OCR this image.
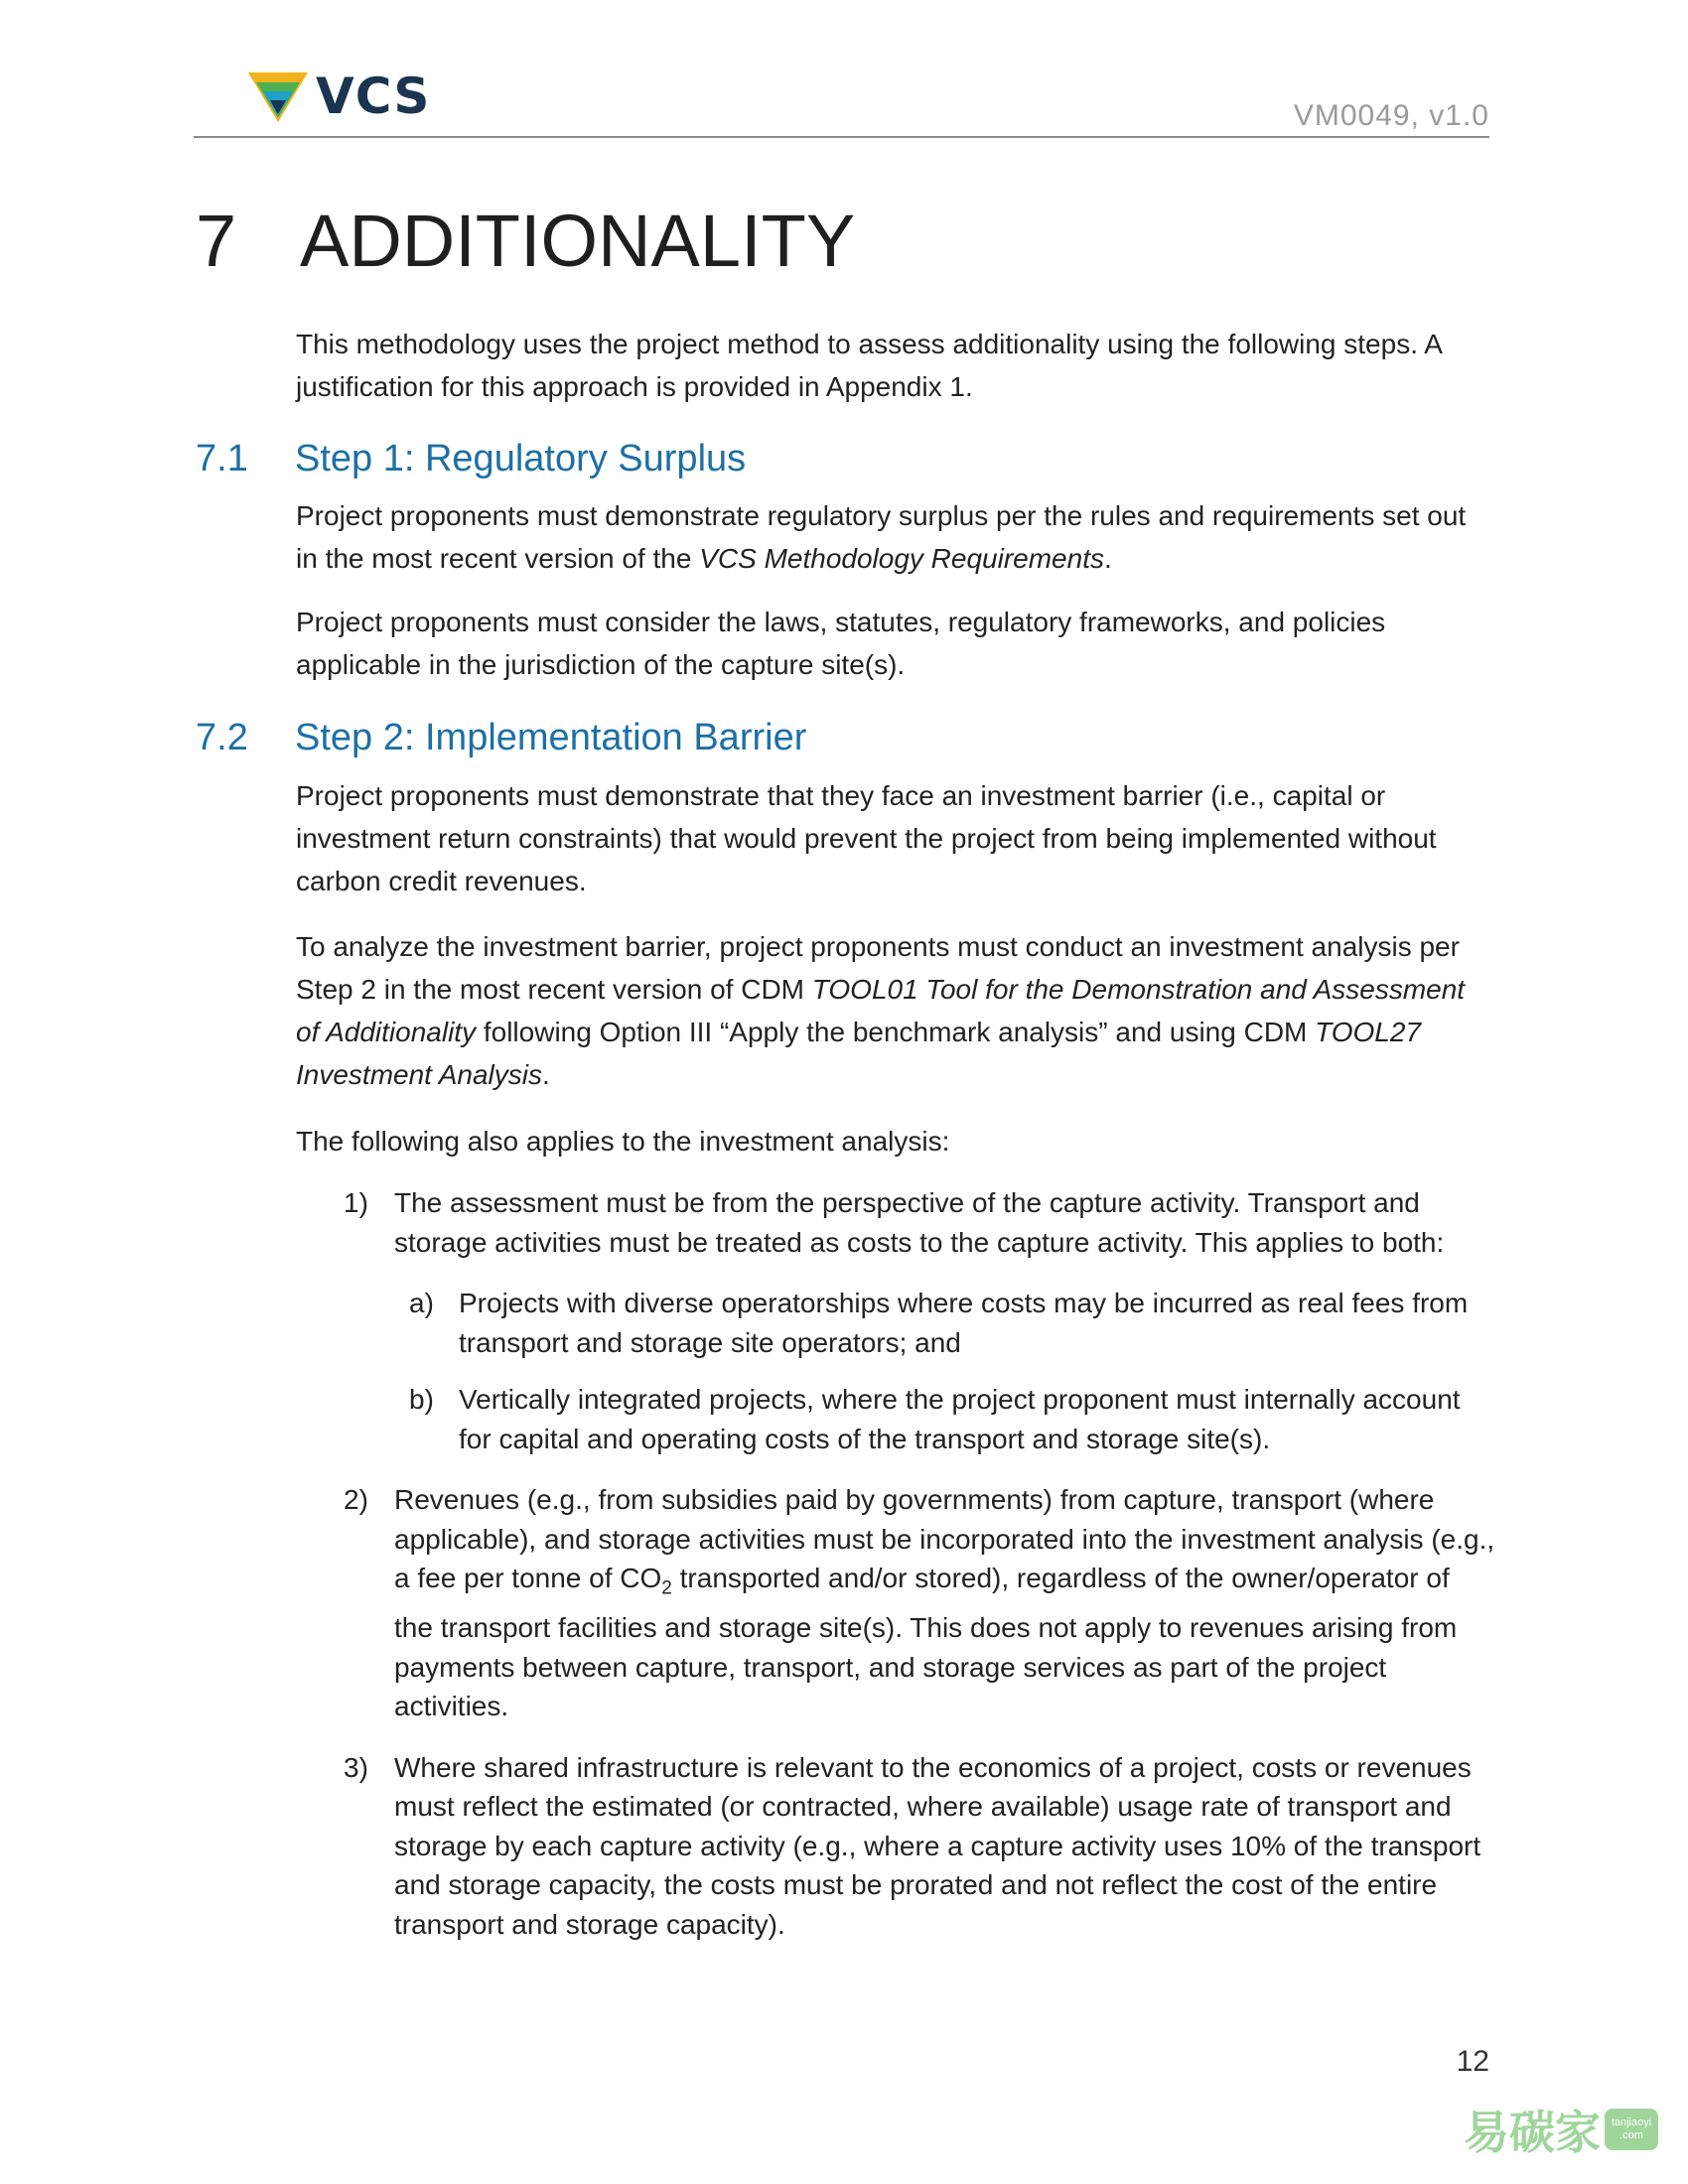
VCS	VM0049, v1.0
7 ADDITIONALITY

This methodology uses the project method to assess additionality using the following steps. A justification for this approach is provided in Appendix 1.

7.1 Step 1: Regulatory Surplus

Project proponents must demonstrate regulatory surplus per the rules and requirements set out in the most recent version of the VCS Methodology Requirements.

Project proponents must consider the laws, statutes, regulatory frameworks, and policies applicable in the jurisdiction of the capture site(s).

7.2 Step 2: Implementation Barrier

Project proponents must demonstrate that they face an investment barrier (i.e., capital or investment return constraints) that would prevent the project from being implemented without carbon credit revenues.

To analyze the investment barrier, project proponents must conduct an investment analysis per Step 2 in the most recent version of CDM TOOL01 Tool for the Demonstration and Assessment of Additionality following Option III “Apply the benchmark analysis” and using CDM TOOL27 Investment Analysis.

The following also applies to the investment analysis:

1) The assessment must be from the perspective of the capture activity. Transport and storage activities must be treated as costs to the capture activity. This applies to both:
a) Projects with diverse operatorships where costs may be incurred as real fees from transport and storage site operators; and
b) Vertically integrated projects, where the project proponent must internally account for capital and operating costs of the transport and storage site(s).
2) Revenues (e.g., from subsidies paid by governments) from capture, transport (where applicable), and storage activities must be incorporated into the investment analysis (e.g., a fee per tonne of $CO_2$ transported and/or stored), regardless of the owner/operator of the transport facilities and storage site(s). This does not apply to revenues arising from payments between capture, transport, and storage services as part of the project activities.
3) Where shared infrastructure is relevant to the economics of a project, costs or revenues must reflect the estimated (or contracted, where available) usage rate of transport and storage by each capture activity (e.g., where a capture activity uses 10% of the transport and storage capacity, the costs must be prorated and not reflect the cost of the entire transport and storage capacity).
12
易碳家 tanjiaoyi
.com
